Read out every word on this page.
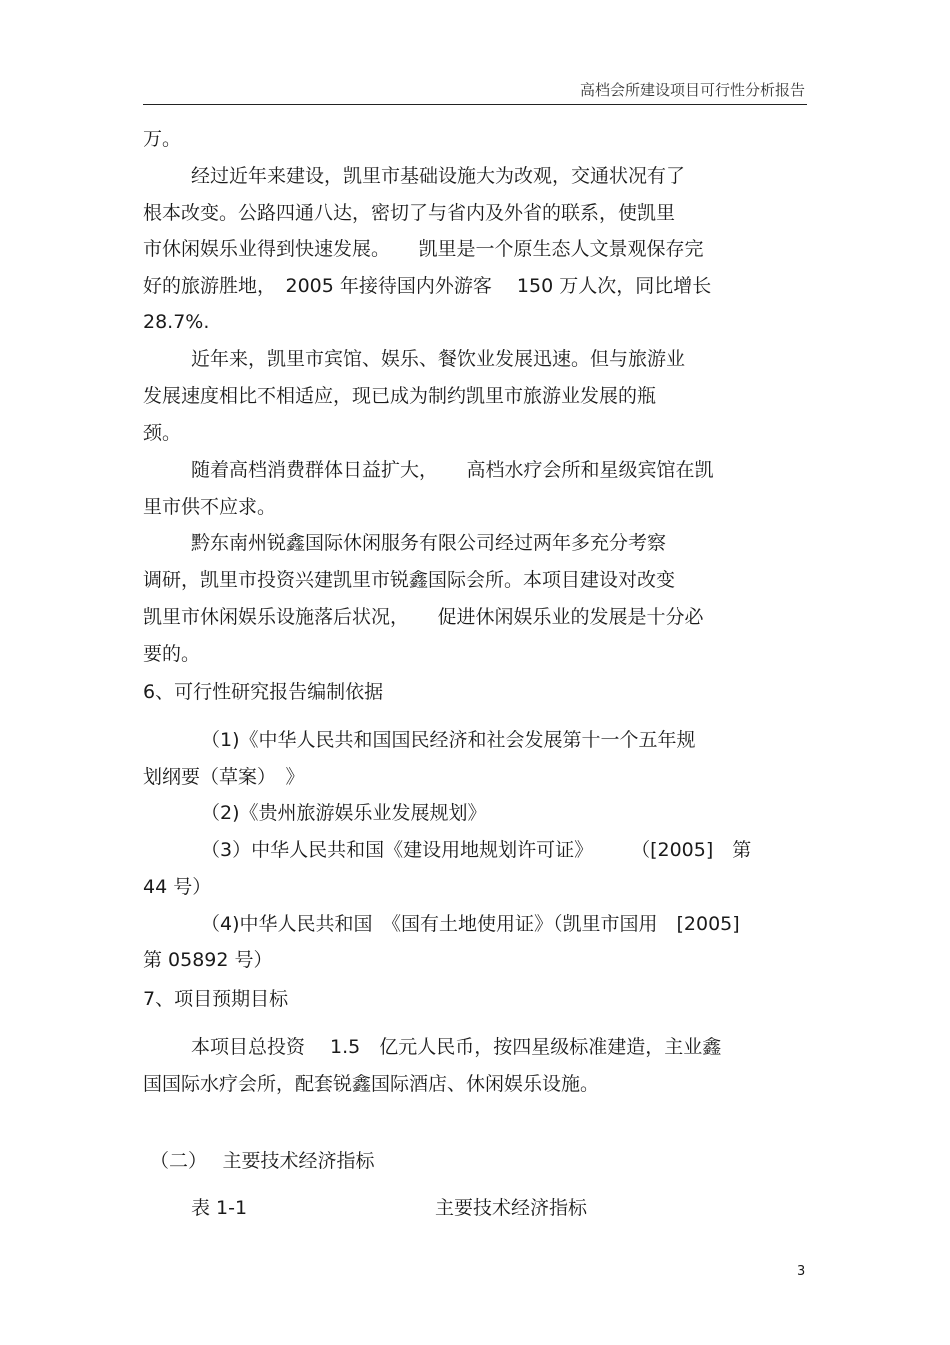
高档会所建设项目可行性分析报告
万。
经过近年来建设，凯里市基础设施大为改观，交通状况有了
根本改变。公路四通八达，密切了与省内及外省的联系，使凯里
市休闲娱乐业得到快速发展。　　凯里是一个原生态人文景观保存完
好的旅游胜地，　2005 年接待国内外游客　 150 万人次，同比增长
28.7%.
近年来，凯里市宾馆、娱乐、餐饮业发展迅速。但与旅游业
发展速度相比不相适应，现已成为制约凯里市旅游业发展的瓶
颈。
随着高档消费群体日益扩大，　　高档水疗会所和星级宾馆在凯
里市供不应求。
黔东南州锐鑫国际休闲服务有限公司经过两年多充分考察
调研，凯里市投资兴建凯里市锐鑫国际会所。本项目建设对改变
凯里市休闲娱乐设施落后状况，　　促进休闲娱乐业的发展是十分必
要的。
6、可行性研究报告编制依据
（1)《中华人民共和国国民经济和社会发展第十一个五年规
划纲要（草案）　》
（2)《贵州旅游娱乐业发展规划》
（3）中华人民共和国《建设用地规划许可证》　　　（[2005]　第
44 号）
（4)中华人民共和国　《国有土地使用证》（凯里市国用　[2005]
第 05892 号）
7、项目预期目标
本项目总投资　 1.5　亿元人民币，按四星级标准建造，主业鑫
国国际水疗会所，配套锐鑫国际酒店、休闲娱乐设施。
（二）　 主要技术经济指标
表 1-1	主要技术经济指标
3
